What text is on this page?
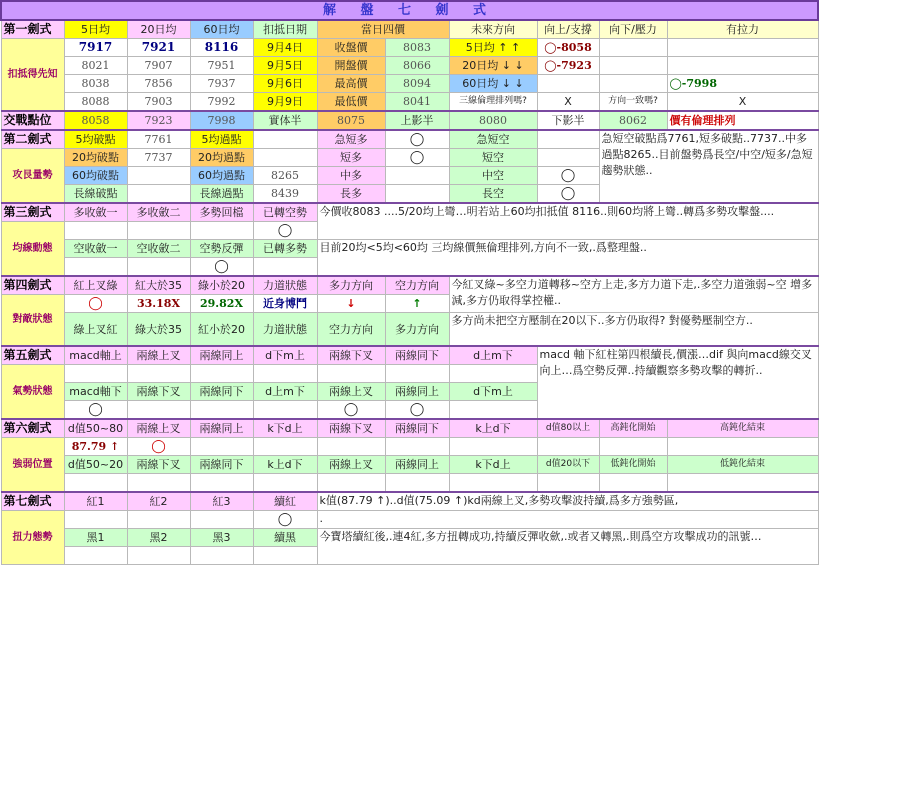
解 盤 七 劍 式										
第一劍式	5日均	20日均	60日均	扣抵日期	當日四價		未來方向	向上/支撐	向下/壓力	有拉力
扣抵得先知	7917	7921	8116	9月4日	收盤價	8083	5日均 ↑ ↑	◯-8058		
	8021	7907	7951	9月5日	開盤價	8066	20日均 ↓ ↓	◯-7923		
	8038	7856	7937	9月6日	最高價	8094	60日均 ↓ ↓			◯-7998
	8088	7903	7992	9月9日	最低價	8041	三線倫理排列嗎?	X	方向一致嗎?	X
交戰點位	8058	7923	7998	實体半	8075	上影半	8080	下影半	8062	價有倫理排列
第二劍式	5均破點	7761	5均過點		急短多	◯	急短空		急短空破點爲7761,短多破點..7737..中多過點8265..目前盤勢爲長空/中空/短多/急短趨勢狀態..	
攻艮量勢	20均破點	7737	20均過點		短多	◯	短空			
	60均破點		60均過點	8265	中多		中空	◯		
	長線破點		長線過點	8439	長多		長空	◯		
第三劍式	多收斂一	多收斂二	多勢回檔	已轉空勢	今價收8083 ....5/20均上彎…明若站上60均扣抵值 8116..則60均將上彎..轉爲多勢攻擊盤....					
均線動態				◯						
	空收斂一	空收斂二	空勢反彈	已轉多勢	目前20均<5均<60均 三均線價無倫理排列,方向不一致,.爲整理盤..					
			◯							
第四劍式	紅上叉綠	紅大於35	綠小於20	力道狀態	多力方向	空力方向	今紅叉綠~多空力道轉移~空方上走,多方力道下走,.多空力道強弱~空 增多減,多方仍取得掌控權..			
對敵狀態	◯	33.18X	29.82X	近身博鬥	↓	↑				
	綠上叉紅	綠大於35	紅小於20	力道狀態	空力方向	多力方向	多方尚未把空方壓制在20以下..多方仍取得? 對優勢壓制空方..			
第五劍式	macd軸上	兩線上叉	兩線同上	d下m上	兩線下叉	兩線同下	d上m下	macd 軸下紅柱第四根續長,價漲…dif 與向macd線交叉向上…爲空勢反彈..持續觀察多勢攻擊的轉折..		
氣勢狀態										
	macd軸下	兩線下叉	兩線同下	d上m下	兩線上叉	兩線同上	d下m上			
	◯				◯	◯				
第六劍式	d值50~80	兩線上叉	兩線同上	k下d上	兩線下叉	兩線同下	k上d下	d值80以上	高鈍化開始	高鈍化結束
強弱位置	87.79 ↑	◯								
	d值50~20	兩線下叉	兩線同下	k上d下	兩線上叉	兩線同上	k下d上	d值20以下	低鈍化開始	低鈍化結束

第七劍式	紅1	紅2	紅3	續紅	k值(87.79 ↑)..d值(75.09 ↑)kd兩線上叉,多勢攻擊波持續,爲多方強勢區,					
扭力態勢				◯	.					
	黑1	黑2	黑3	續黑	今寶塔續紅後,.連4紅,多方扭轉成功,持續反彈收歛,.或者又轉黑,.則爲空方攻擊成功的訊號…					
